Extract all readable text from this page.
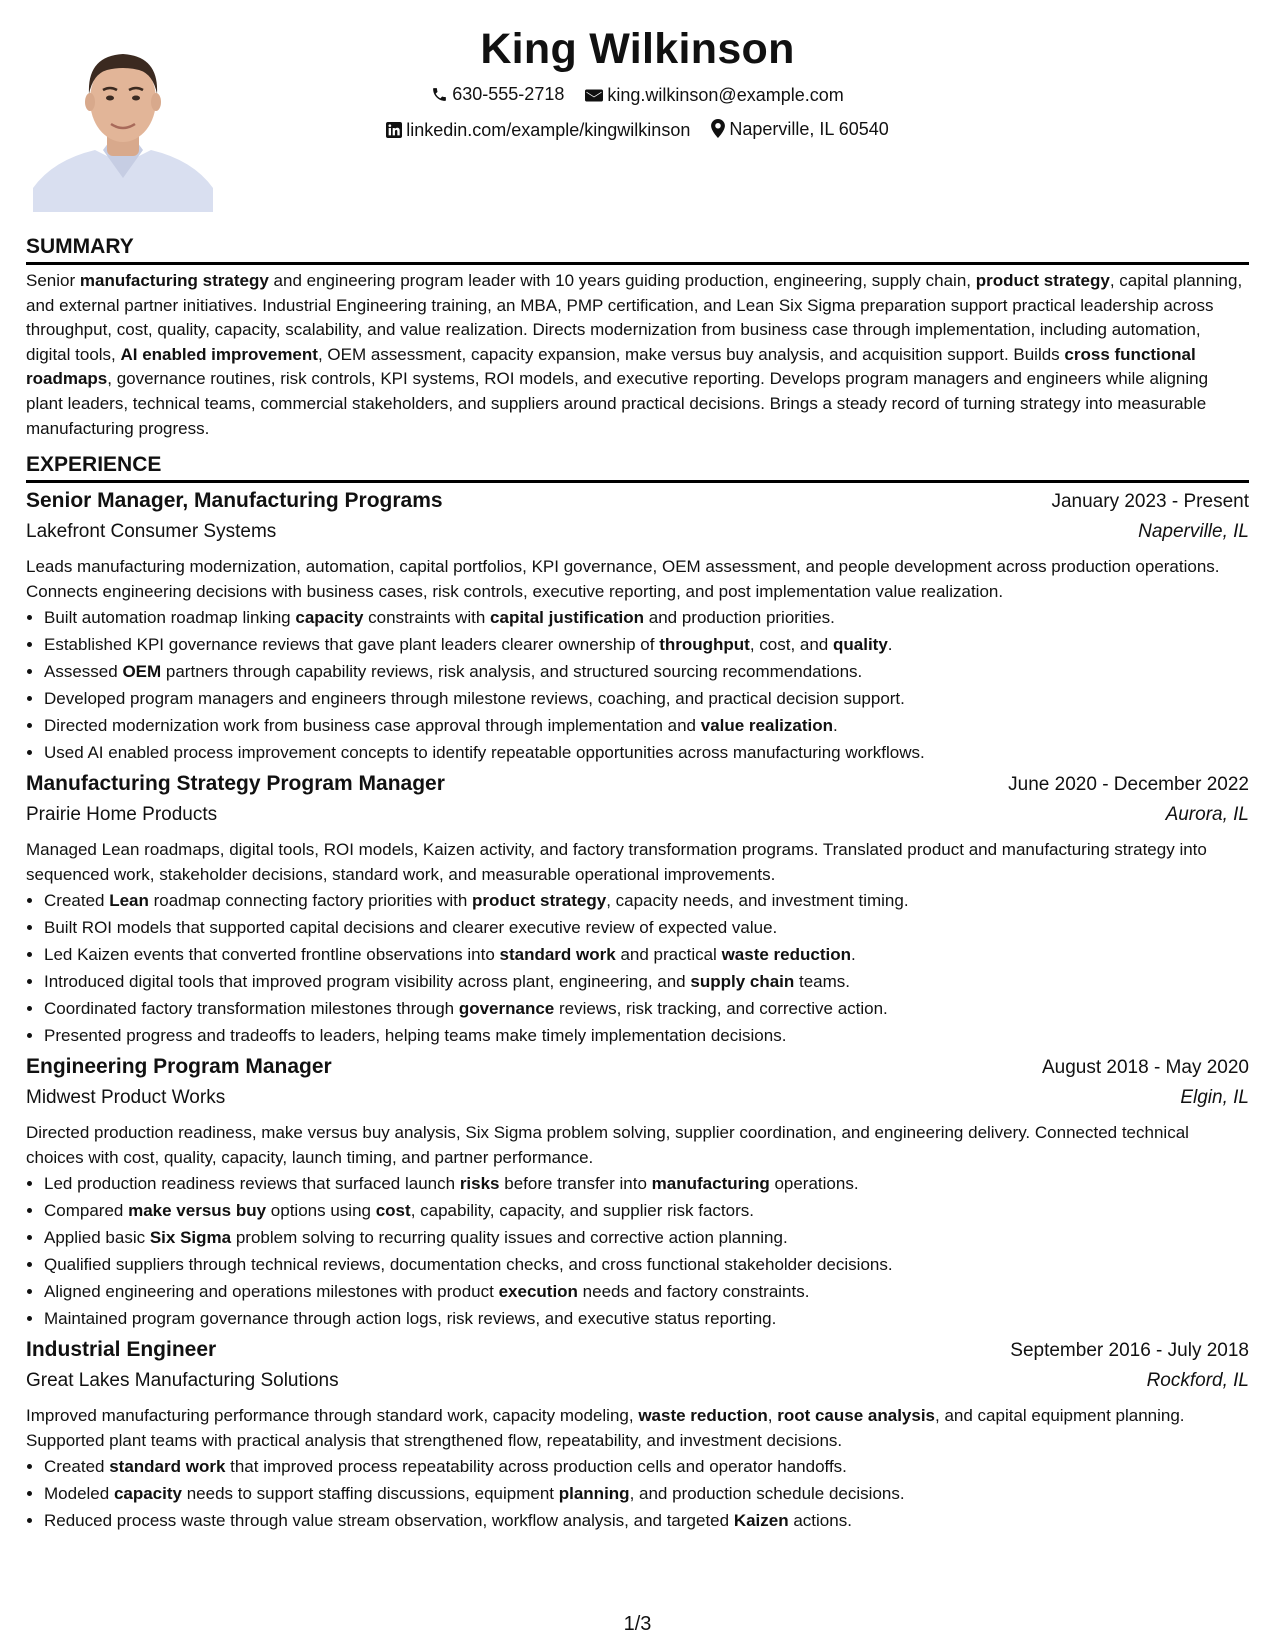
King Wilkinson
630-555-2718
king.wilkinson@example.com
linkedin.com/example/kingwilkinson
Naperville, IL 60540
SUMMARY
Senior manufacturing strategy and engineering program leader with 10 years guiding production, engineering, supply chain, product strategy, capital planning, and external partner initiatives. Industrial Engineering training, an MBA, PMP certification, and Lean Six Sigma preparation support practical leadership across throughput, cost, quality, capacity, scalability, and value realization. Directs modernization from business case through implementation, including automation, digital tools, AI enabled improvement, OEM assessment, capacity expansion, make versus buy analysis, and acquisition support. Builds cross functional roadmaps, governance routines, risk controls, KPI systems, ROI models, and executive reporting. Develops program managers and engineers while aligning plant leaders, technical teams, commercial stakeholders, and suppliers around practical decisions. Brings a steady record of turning strategy into measurable manufacturing progress.
EXPERIENCE
Senior Manager, Manufacturing Programs	January 2023 - Present
Lakefront Consumer Systems	Naperville, IL
Leads manufacturing modernization, automation, capital portfolios, KPI governance, OEM assessment, and people development across production operations. Connects engineering decisions with business cases, risk controls, executive reporting, and post implementation value realization.
• Built automation roadmap linking capacity constraints with capital justification and production priorities.
• Established KPI governance reviews that gave plant leaders clearer ownership of throughput, cost, and quality.
• Assessed OEM partners through capability reviews, risk analysis, and structured sourcing recommendations.
• Developed program managers and engineers through milestone reviews, coaching, and practical decision support.
• Directed modernization work from business case approval through implementation and value realization.
• Used AI enabled process improvement concepts to identify repeatable opportunities across manufacturing workflows.
Manufacturing Strategy Program Manager	June 2020 - December 2022
Prairie Home Products	Aurora, IL
Managed Lean roadmaps, digital tools, ROI models, Kaizen activity, and factory transformation programs. Translated product and manufacturing strategy into sequenced work, stakeholder decisions, standard work, and measurable operational improvements.
• Created Lean roadmap connecting factory priorities with product strategy, capacity needs, and investment timing.
• Built ROI models that supported capital decisions and clearer executive review of expected value.
• Led Kaizen events that converted frontline observations into standard work and practical waste reduction.
• Introduced digital tools that improved program visibility across plant, engineering, and supply chain teams.
• Coordinated factory transformation milestones through governance reviews, risk tracking, and corrective action.
• Presented progress and tradeoffs to leaders, helping teams make timely implementation decisions.
Engineering Program Manager	August 2018 - May 2020
Midwest Product Works	Elgin, IL
Directed production readiness, make versus buy analysis, Six Sigma problem solving, supplier coordination, and engineering delivery. Connected technical choices with cost, quality, capacity, launch timing, and partner performance.
• Led production readiness reviews that surfaced launch risks before transfer into manufacturing operations.
• Compared make versus buy options using cost, capability, capacity, and supplier risk factors.
• Applied basic Six Sigma problem solving to recurring quality issues and corrective action planning.
• Qualified suppliers through technical reviews, documentation checks, and cross functional stakeholder decisions.
• Aligned engineering and operations milestones with product execution needs and factory constraints.
• Maintained program governance through action logs, risk reviews, and executive status reporting.
Industrial Engineer	September 2016 - July 2018
Great Lakes Manufacturing Solutions	Rockford, IL
Improved manufacturing performance through standard work, capacity modeling, waste reduction, root cause analysis, and capital equipment planning. Supported plant teams with practical analysis that strengthened flow, repeatability, and investment decisions.
• Created standard work that improved process repeatability across production cells and operator handoffs.
• Modeled capacity needs to support staffing discussions, equipment planning, and production schedule decisions.
• Reduced process waste through value stream observation, workflow analysis, and targeted Kaizen actions.
1/3
